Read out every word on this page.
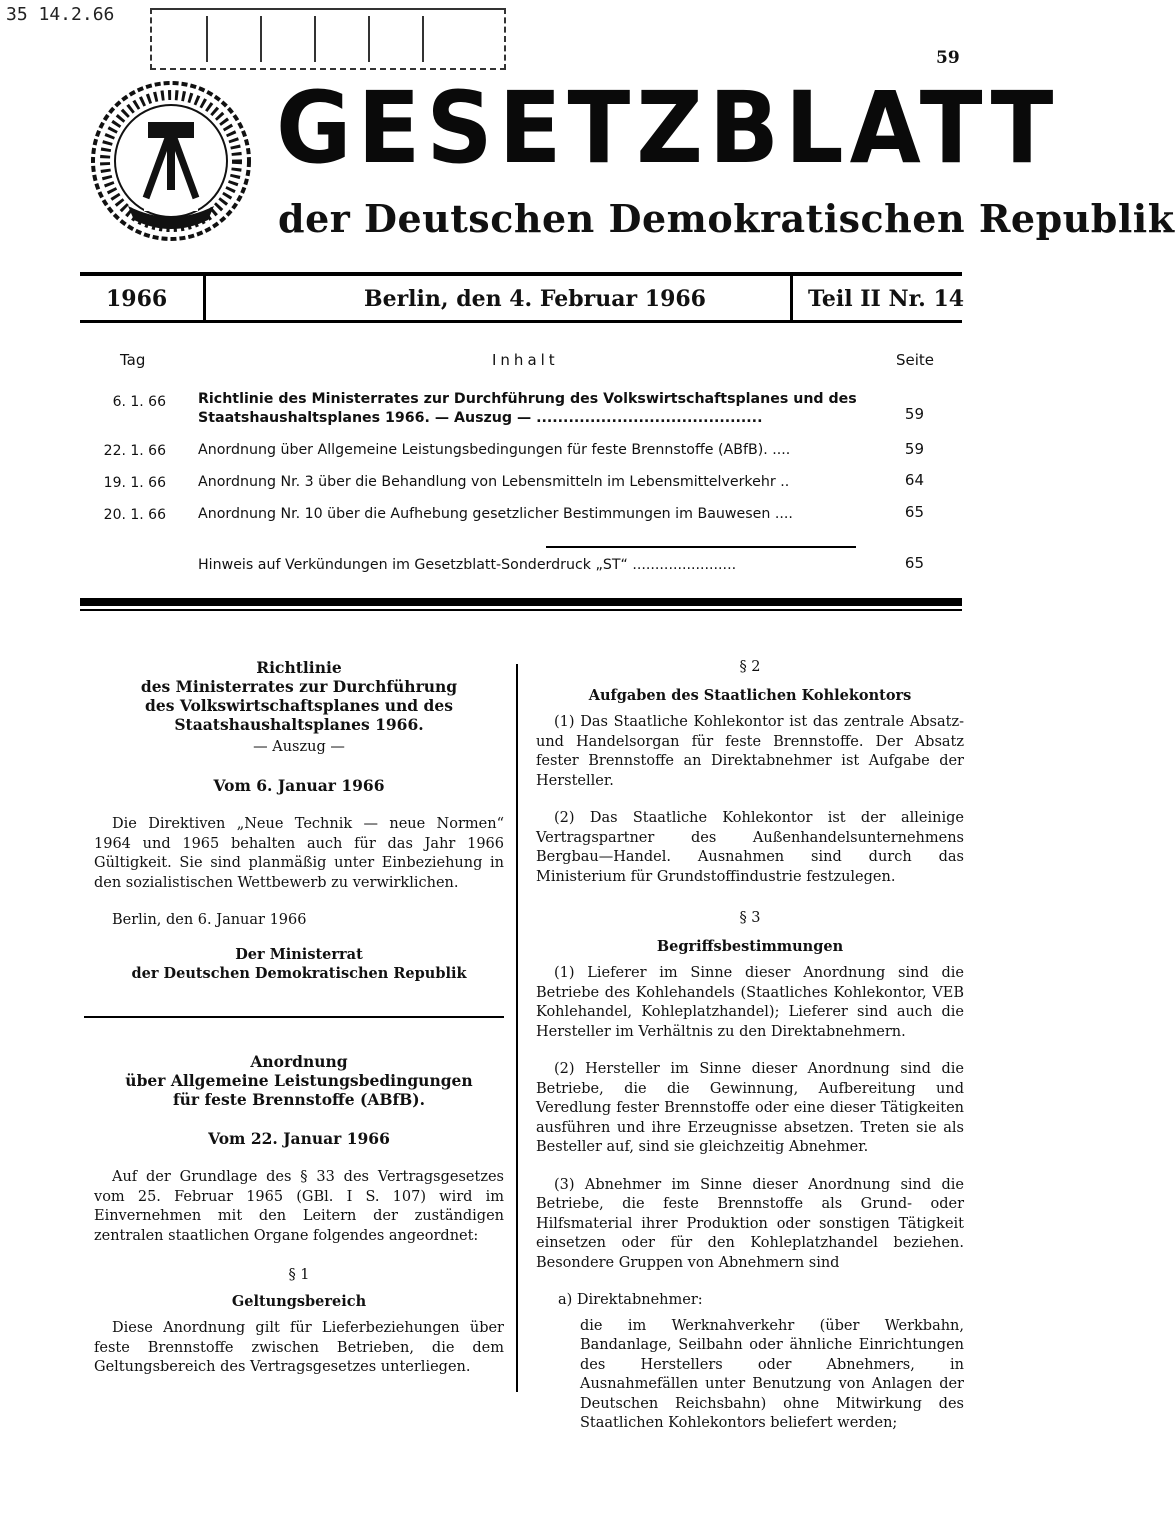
35 14.2.66
59
GESETZBLATT
der Deutschen Demokratischen Republik
1966	Berlin, den 4. Februar 1966	Teil II Nr. 14
Tag	Inhalt	Seite
6. 1. 66 Richtlinie des Ministerrates zur Durchführung des Volkswirtschaftsplanes und des Staatshaushaltsplanes 1966. — Auszug — ..........................................	59
22. 1. 66 Anordnung über Allgemeine Leistungsbedingungen für feste Brennstoffe (ABfB). ....	59
19. 1. 66 Anordnung Nr. 3 über die Behandlung von Lebensmitteln im Lebensmittelverkehr ..	64
20. 1. 66 Anordnung Nr. 10 über die Aufhebung gesetzlicher Bestimmungen im Bauwesen ....	65
Hinweis auf Verkündungen im Gesetzblatt-Sonderdruck „ST“ .......................	65
Richtlinie
des Ministerrates zur Durchführung
des Volkswirtschaftsplanes und des
Staatshaushaltsplanes 1966.
— Auszug —
Vom 6. Januar 1966
Die Direktiven „Neue Technik — neue Normen“ 1964 und 1965 behalten auch für das Jahr 1966 Gültigkeit. Sie sind planmäßig unter Einbeziehung in den sozialistischen Wettbewerb zu verwirklichen.
Berlin, den 6. Januar 1966
Der Ministerrat
der Deutschen Demokratischen Republik
Anordnung
über Allgemeine Leistungsbedingungen
für feste Brennstoffe (ABfB).
Vom 22. Januar 1966
Auf der Grundlage des § 33 des Vertragsgesetzes vom 25. Februar 1965 (GBl. I S. 107) wird im Einvernehmen mit den Leitern der zuständigen zentralen staatlichen Organe folgendes angeordnet:
§ 1
Geltungsbereich
Diese Anordnung gilt für Lieferbeziehungen über feste Brennstoffe zwischen Betrieben, die dem Geltungsbereich des Vertragsgesetzes unterliegen.
§ 2
Aufgaben des Staatlichen Kohlekontors
(1) Das Staatliche Kohlekontor ist das zentrale Absatz- und Handelsorgan für feste Brennstoffe. Der Absatz fester Brennstoffe an Direktabnehmer ist Aufgabe der Hersteller.
(2) Das Staatliche Kohlekontor ist der alleinige Vertragspartner des Außenhandelsunternehmens Bergbau—Handel. Ausnahmen sind durch das Ministerium für Grundstoffindustrie festzulegen.
§ 3
Begriffsbestimmungen
(1) Lieferer im Sinne dieser Anordnung sind die Betriebe des Kohlehandels (Staatliches Kohlekontor, VEB Kohlehandel, Kohleplatzhandel); Lieferer sind auch die Hersteller im Verhältnis zu den Direktabnehmern.
(2) Hersteller im Sinne dieser Anordnung sind die Betriebe, die die Gewinnung, Aufbereitung und Veredlung fester Brennstoffe oder eine dieser Tätigkeiten ausführen und ihre Erzeugnisse absetzen. Treten sie als Besteller auf, sind sie gleichzeitig Abnehmer.
(3) Abnehmer im Sinne dieser Anordnung sind die Betriebe, die feste Brennstoffe als Grund- oder Hilfsmaterial ihrer Produktion oder sonstigen Tätigkeit einsetzen oder für den Kohleplatzhandel beziehen. Besondere Gruppen von Abnehmern sind
a) Direktabnehmer:
die im Werknahverkehr (über Werkbahn, Bandanlage, Seilbahn oder ähnliche Einrichtungen des Herstellers oder Abnehmers, in Ausnahmefällen unter Benutzung von Anlagen der Deutschen Reichsbahn) ohne Mitwirkung des Staatlichen Kohlekontors beliefert werden;
